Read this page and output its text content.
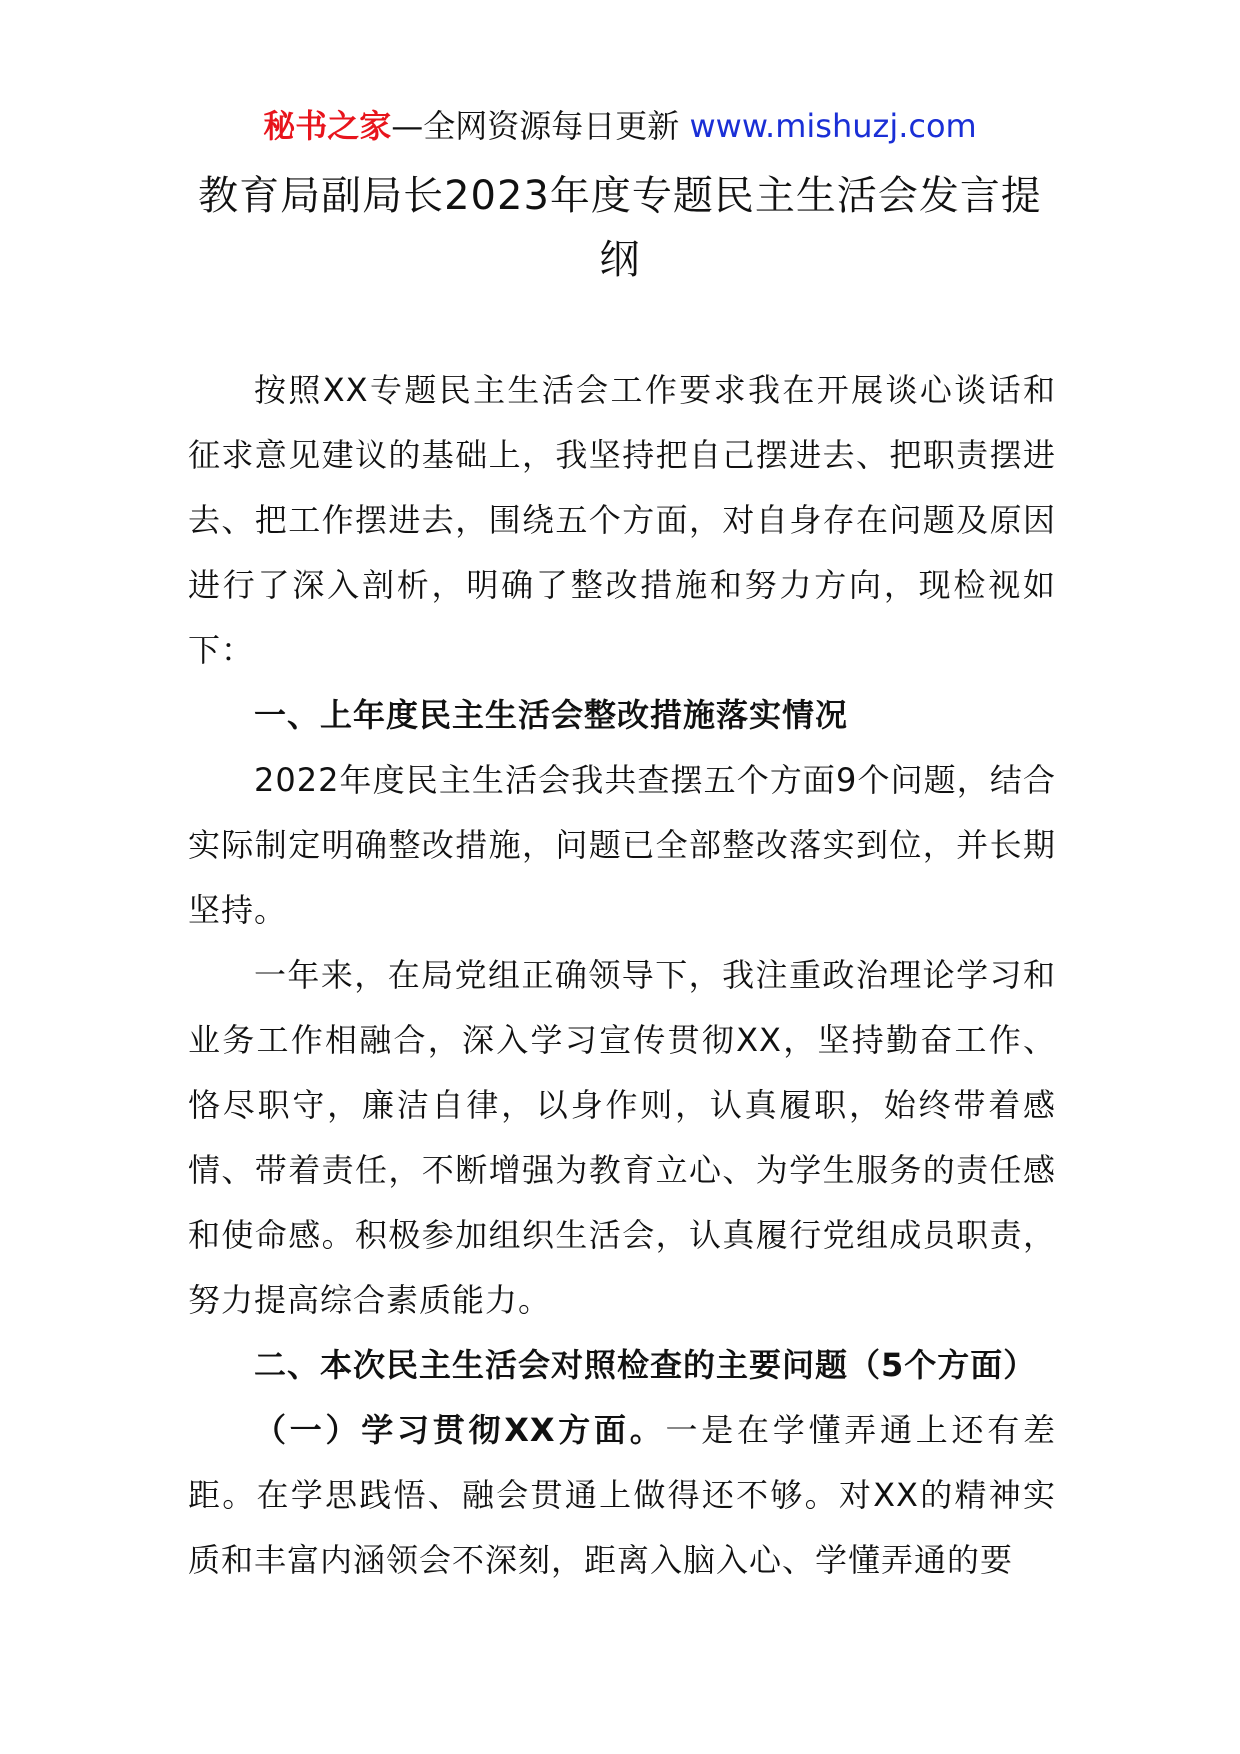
秘书之家—全网资源每日更新 www.mishuzj.com
教育局副局长2023年度专题民主生活会发言提纲

按照XX专题民主生活会工作要求我在开展谈心谈话和征求意见建议的基础上，我坚持把自己摆进去、把职责摆进去、把工作摆进去，围绕五个方面，对自身存在问题及原因进行了深入剖析，明确了整改措施和努力方向，现检视如下：

一、上年度民主生活会整改措施落实情况

2022年度民主生活会我共查摆五个方面9个问题，结合实际制定明确整改措施，问题已全部整改落实到位，并长期坚持。

一年来，在局党组正确领导下，我注重政治理论学习和业务工作相融合，深入学习宣传贯彻XX，坚持勤奋工作、恪尽职守，廉洁自律，以身作则，认真履职，始终带着感情、带着责任，不断增强为教育立心、为学生服务的责任感和使命感。积极参加组织生活会，认真履行党组成员职责，努力提高综合素质能力。

二、本次民主生活会对照检查的主要问题（5个方面）

（一）学习贯彻XX方面。一是在学懂弄通上还有差距。在学思践悟、融会贯通上做得还不够。对XX的精神实质和丰富内涵领会不深刻，距离入脑入心、学懂弄通的要
